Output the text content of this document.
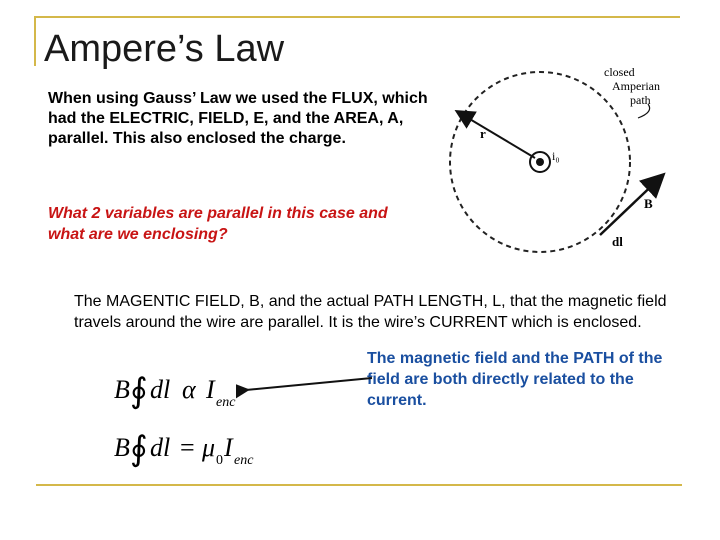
Ampere’s Law

When using Gauss’ Law we used the FLUX, which had the ELECTRIC, FIELD, E, and the AREA, A, parallel. This also enclosed the charge.

What 2 variables are parallel in this case and what are we enclosing?

The MAGENTIC FIELD, B, and the actual PATH LENGTH, L, that the magnetic field travels around the wire are parallel. It is the wire’s CURRENT which is enclosed.

The magnetic field and the PATH of the field are both directly related to the current.

closed
Amperian
path
r
i₀
B
dl
B ∮ dl α I enc
B ∮ dl = μ 0 I enc
